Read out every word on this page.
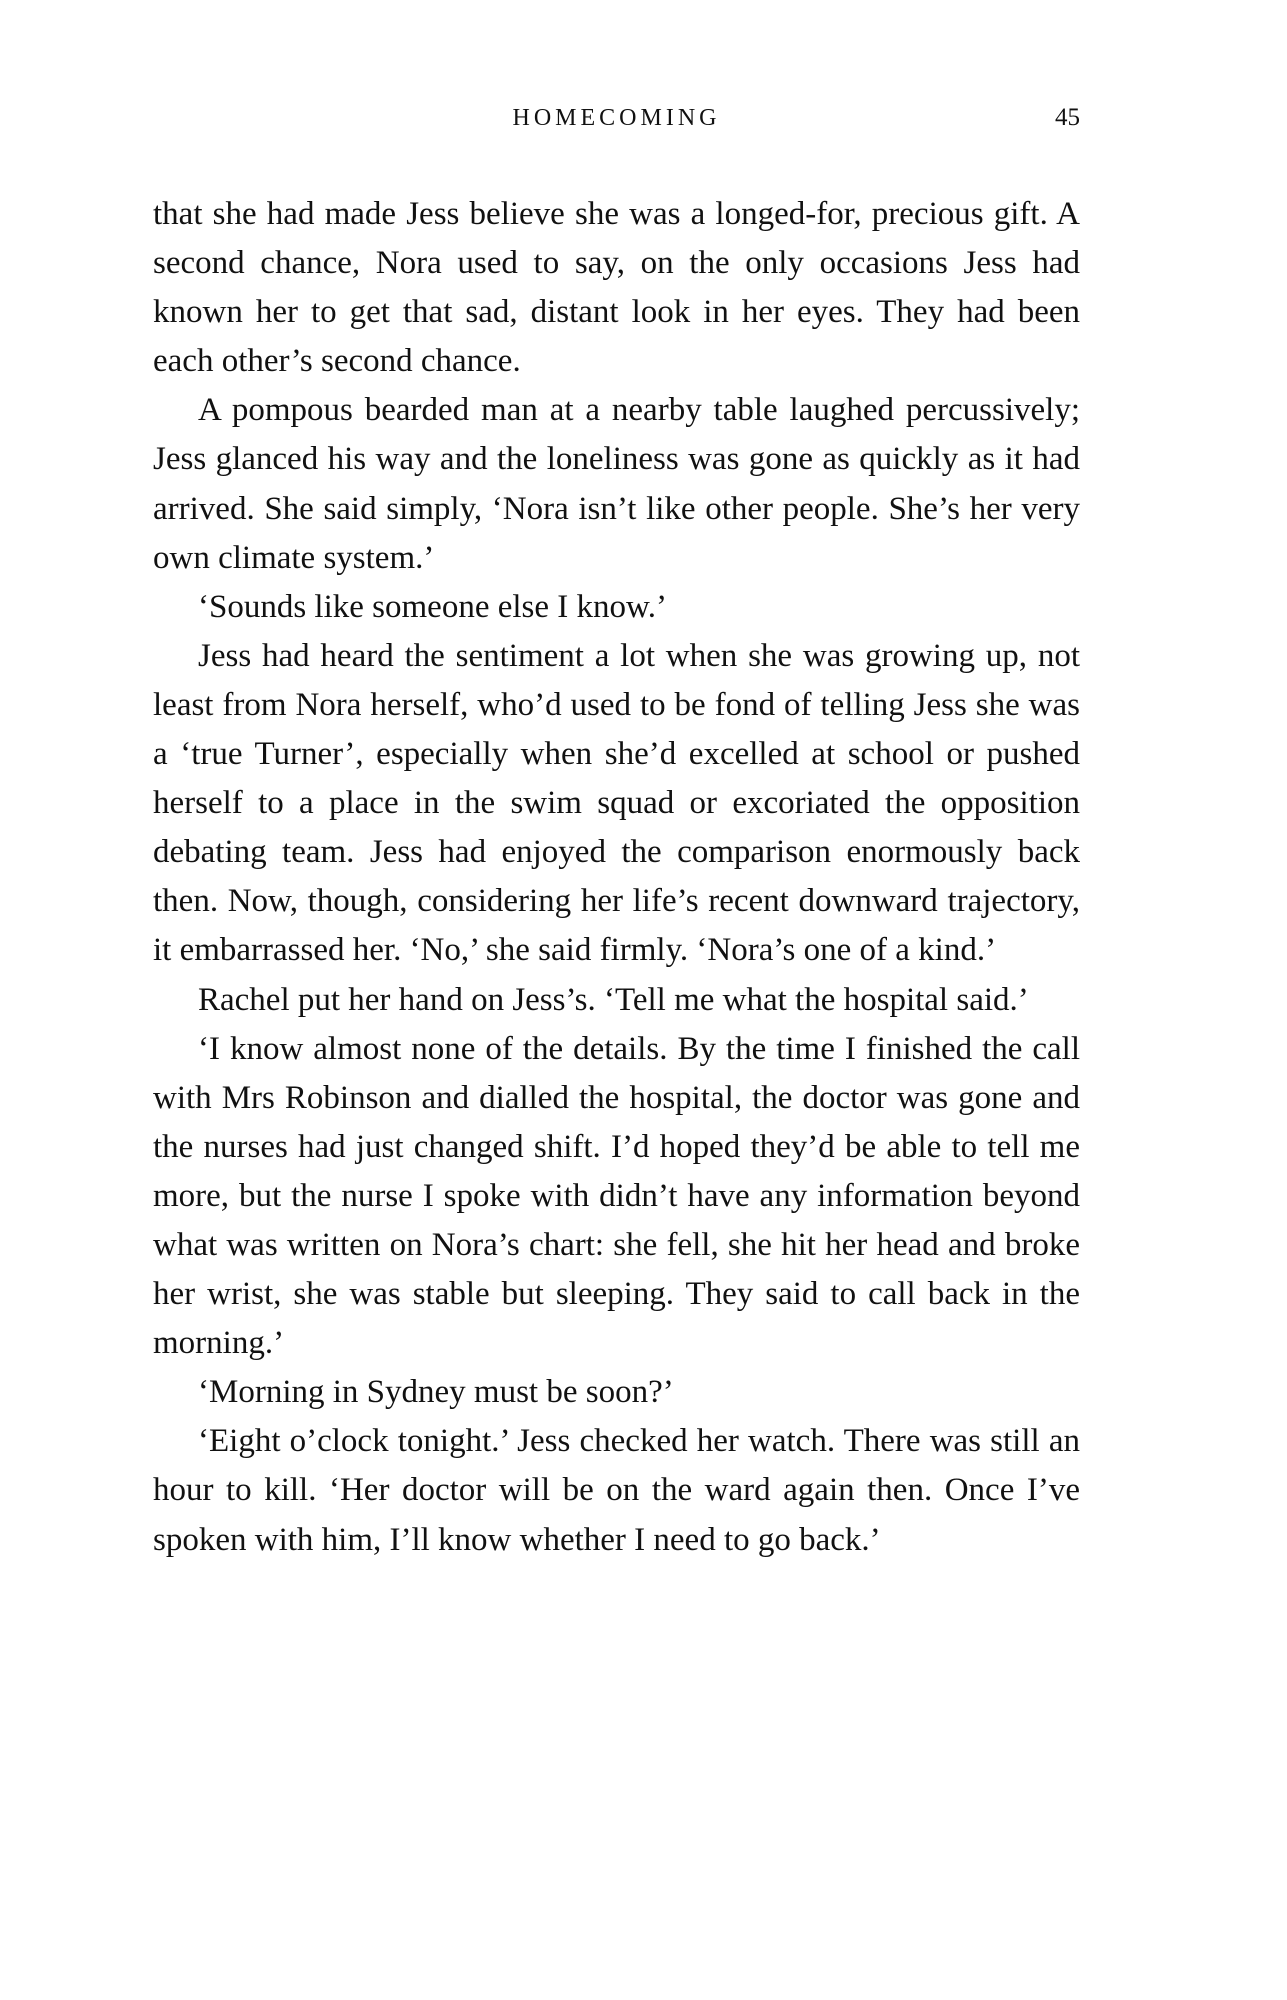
HOMECOMING	45

that she had made Jess believe she was a longed-for, precious gift. A second chance, Nora used to say, on the only occasions Jess had known her to get that sad, distant look in her eyes. They had been each other’s second chance.

A pompous bearded man at a nearby table laughed percussively; Jess glanced his way and the loneliness was gone as quickly as it had arrived. She said simply, ‘Nora isn’t like other people. She’s her very own climate system.’

‘Sounds like someone else I know.’

Jess had heard the sentiment a lot when she was growing up, not least from Nora herself, who’d used to be fond of telling Jess she was a ‘true Turner’, especially when she’d excelled at school or pushed herself to a place in the swim squad or excoriated the opposition debating team. Jess had enjoyed the comparison enormously back then. Now, though, considering her life’s recent downward trajectory, it embarrassed her. ‘No,’ she said firmly. ‘Nora’s one of a kind.’

Rachel put her hand on Jess’s. ‘Tell me what the hospital said.’

‘I know almost none of the details. By the time I finished the call with Mrs Robinson and dialled the hospital, the doctor was gone and the nurses had just changed shift. I’d hoped they’d be able to tell me more, but the nurse I spoke with didn’t have any information beyond what was written on Nora’s chart: she fell, she hit her head and broke her wrist, she was stable but sleeping. They said to call back in the morning.’

‘Morning in Sydney must be soon?’

‘Eight o’clock tonight.’ Jess checked her watch. There was still an hour to kill. ‘Her doctor will be on the ward again then. Once I’ve spoken with him, I’ll know whether I need to go back.’
